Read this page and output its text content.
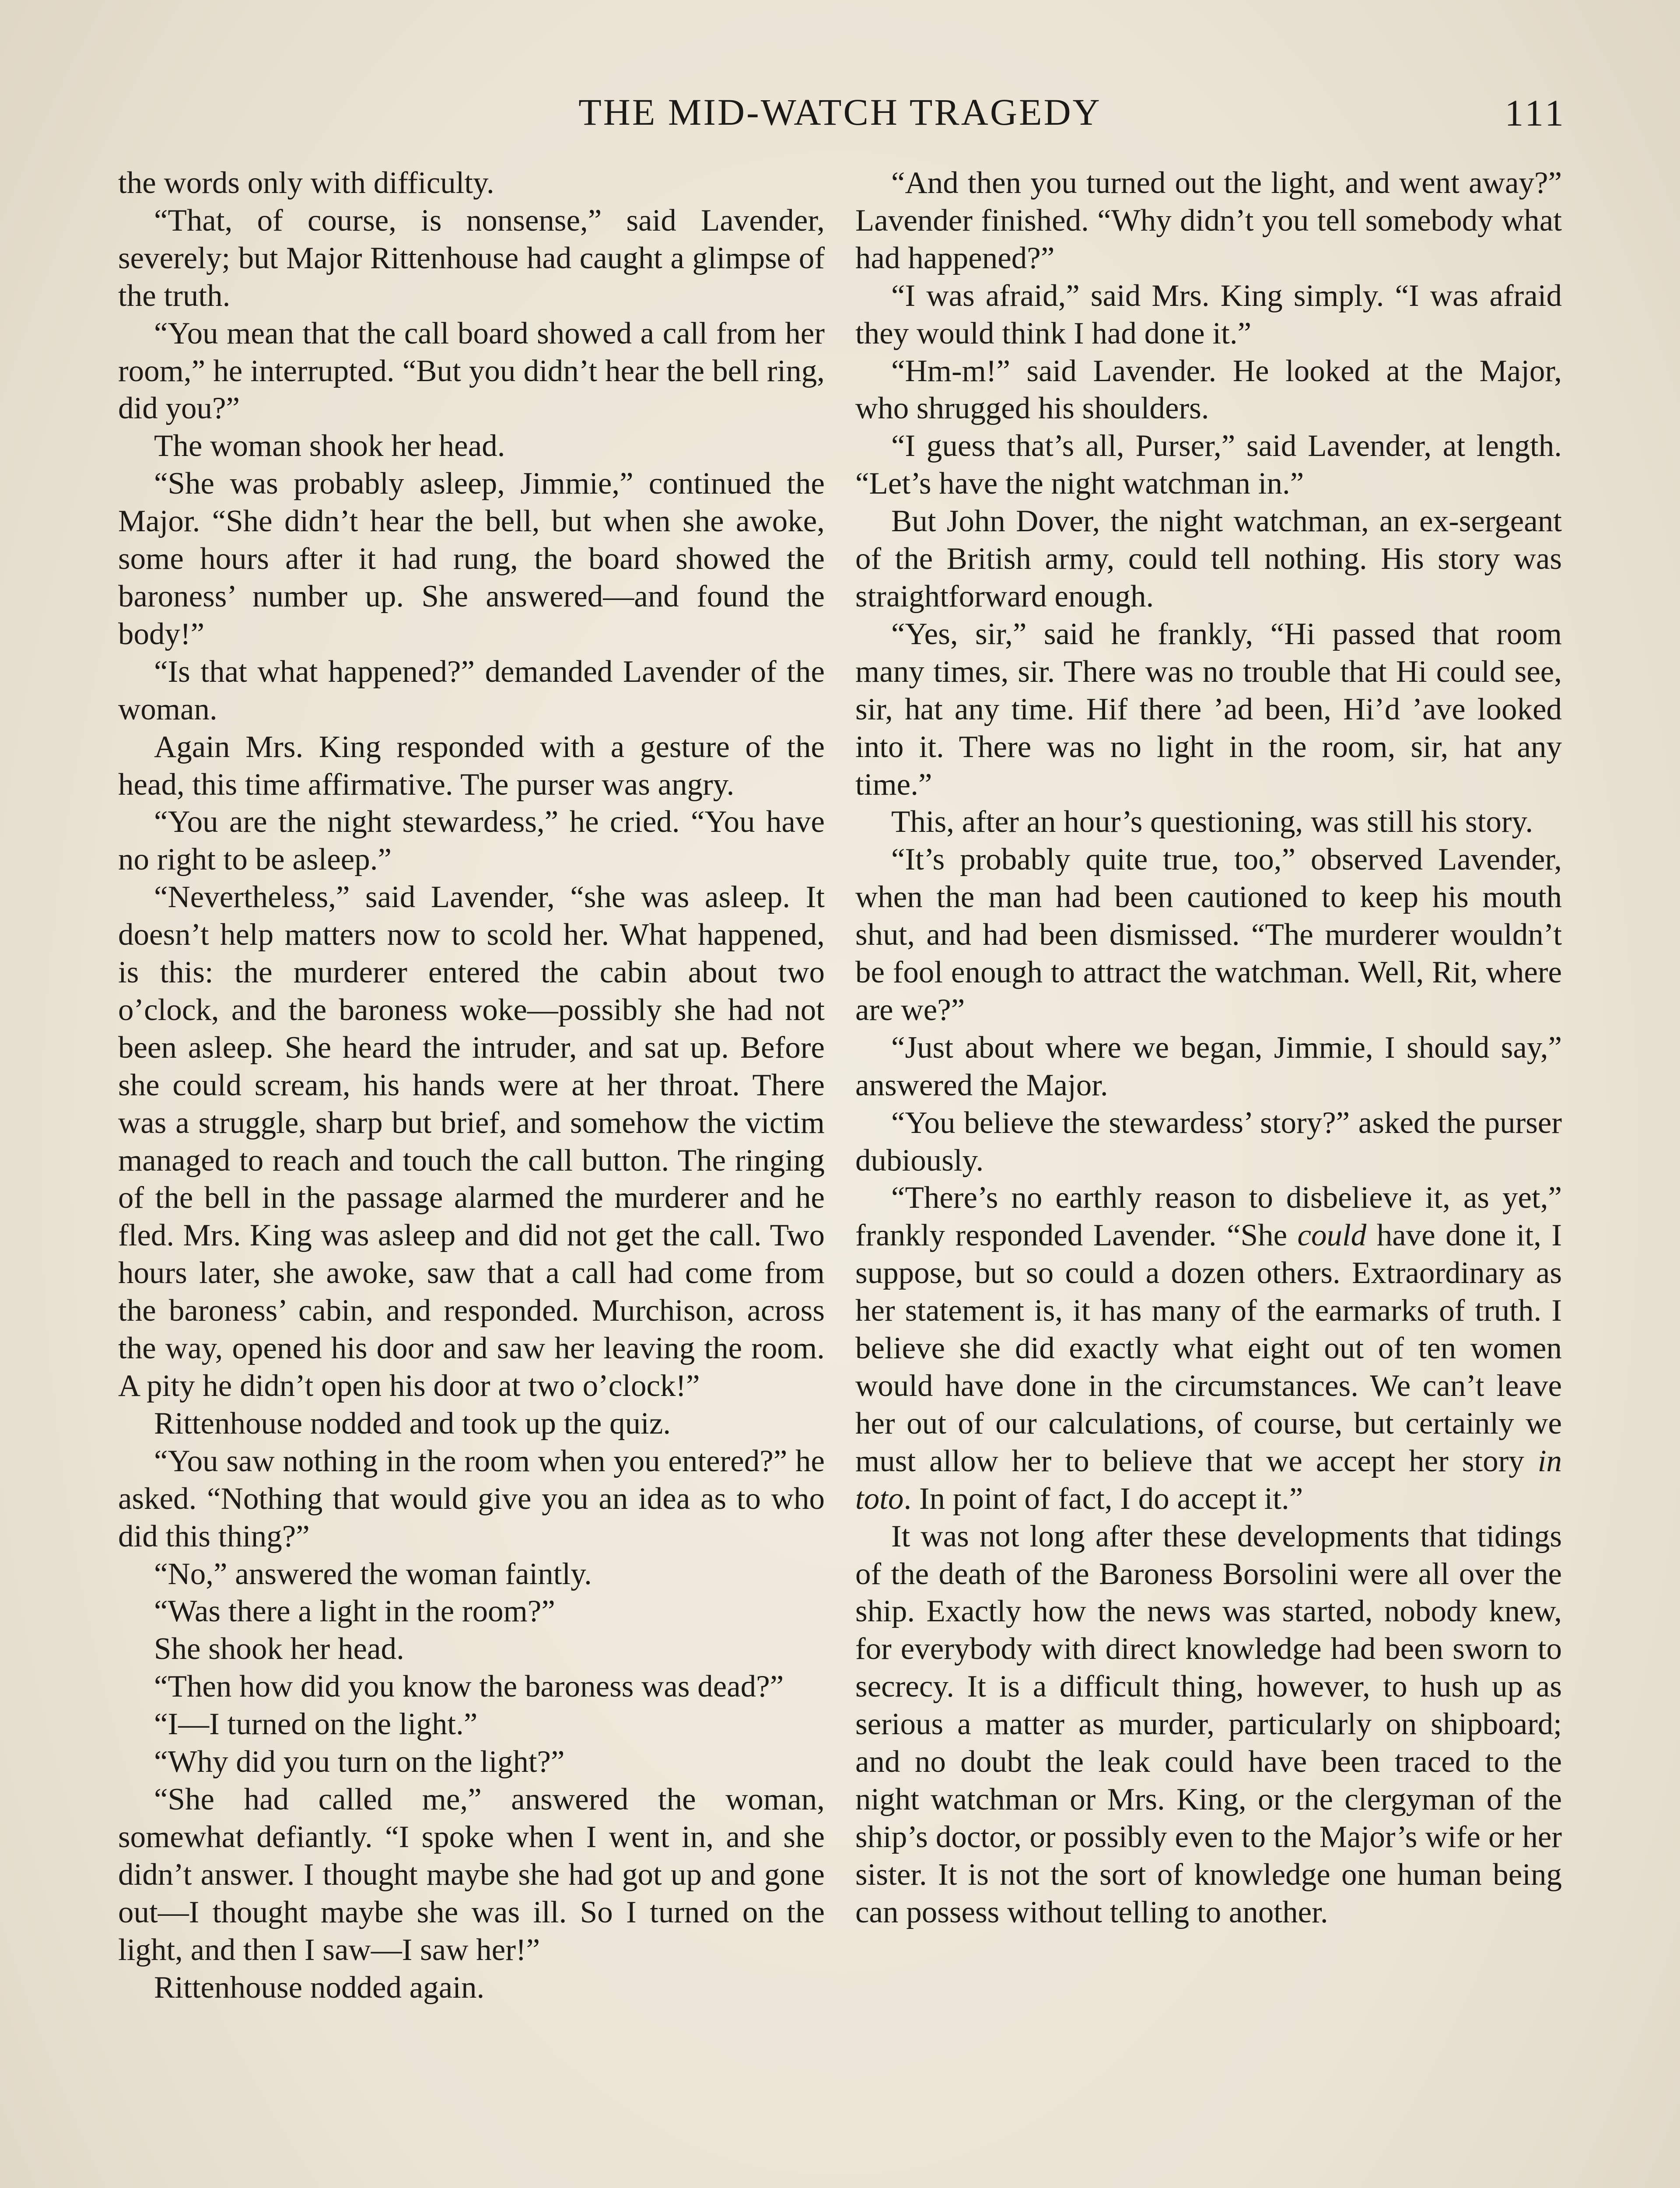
THE MID-WATCH TRAGEDY	111

the words only with difficulty.

“That, of course, is nonsense,” said Lavender, severely; but Major Rittenhouse had caught a glimpse of the truth.

“You mean that the call board showed a call from her room,” he interrupted. “But you didn’t hear the bell ring, did you?”

The woman shook her head.

“She was probably asleep, Jimmie,” continued the Major. “She didn’t hear the bell, but when she awoke, some hours after it had rung, the board showed the baroness’ number up. She answered—and found the body!”

“Is that what happened?” demanded Lavender of the woman.

Again Mrs. King responded with a gesture of the head, this time affirmative. The purser was angry.

“You are the night stewardess,” he cried. “You have no right to be asleep.”

“Nevertheless,” said Lavender, “she was asleep. It doesn’t help matters now to scold her. What happened, is this: the murderer entered the cabin about two o’clock, and the baroness woke—possibly she had not been asleep. She heard the intruder, and sat up. Before she could scream, his hands were at her throat. There was a struggle, sharp but brief, and somehow the victim managed to reach and touch the call button. The ringing of the bell in the passage alarmed the murderer and he fled. Mrs. King was asleep and did not get the call. Two hours later, she awoke, saw that a call had come from the baroness’ cabin, and responded. Murchison, across the way, opened his door and saw her leaving the room. A pity he didn’t open his door at two o’clock!”

Rittenhouse nodded and took up the quiz.

“You saw nothing in the room when you entered?” he asked. “Nothing that would give you an idea as to who did this thing?”

“No,” answered the woman faintly.

“Was there a light in the room?”

She shook her head.

“Then how did you know the baroness was dead?”

“I—I turned on the light.”

“Why did you turn on the light?”

“She had called me,” answered the woman, somewhat defiantly. “I spoke when I went in, and she didn’t answer. I thought maybe she had got up and gone out—I thought maybe she was ill. So I turned on the light, and then I saw—I saw her!”

Rittenhouse nodded again.

“And then you turned out the light, and went away?” Lavender finished. “Why didn’t you tell somebody what had happened?”

“I was afraid,” said Mrs. King simply. “I was afraid they would think I had done it.”

“Hm-m!” said Lavender. He looked at the Major, who shrugged his shoulders.

“I guess that’s all, Purser,” said Lavender, at length. “Let’s have the night watchman in.”

But John Dover, the night watchman, an ex-sergeant of the British army, could tell nothing. His story was straightforward enough.

“Yes, sir,” said he frankly, “Hi passed that room many times, sir. There was no trouble that Hi could see, sir, hat any time. Hif there ’ad been, Hi’d ’ave looked into it. There was no light in the room, sir, hat any time.”

This, after an hour’s questioning, was still his story.

“It’s probably quite true, too,” observed Lavender, when the man had been cautioned to keep his mouth shut, and had been dismissed. “The murderer wouldn’t be fool enough to attract the watchman. Well, Rit, where are we?”

“Just about where we began, Jimmie, I should say,” answered the Major.

“You believe the stewardess’ story?” asked the purser dubiously.

“There’s no earthly reason to disbelieve it, as yet,” frankly responded Lavender. “She could have done it, I suppose, but so could a dozen others. Extraordinary as her statement is, it has many of the earmarks of truth. I believe she did exactly what eight out of ten women would have done in the circumstances. We can’t leave her out of our calculations, of course, but certainly we must allow her to believe that we accept her story in toto. In point of fact, I do accept it.”

It was not long after these developments that tidings of the death of the Baroness Borsolini were all over the ship. Exactly how the news was started, nobody knew, for everybody with direct knowledge had been sworn to secrecy. It is a difficult thing, however, to hush up as serious a matter as murder, particularly on shipboard; and no doubt the leak could have been traced to the night watchman or Mrs. King, or the clergyman of the ship’s doctor, or possibly even to the Major’s wife or her sister. It is not the sort of knowledge one human being can possess without telling to another.
